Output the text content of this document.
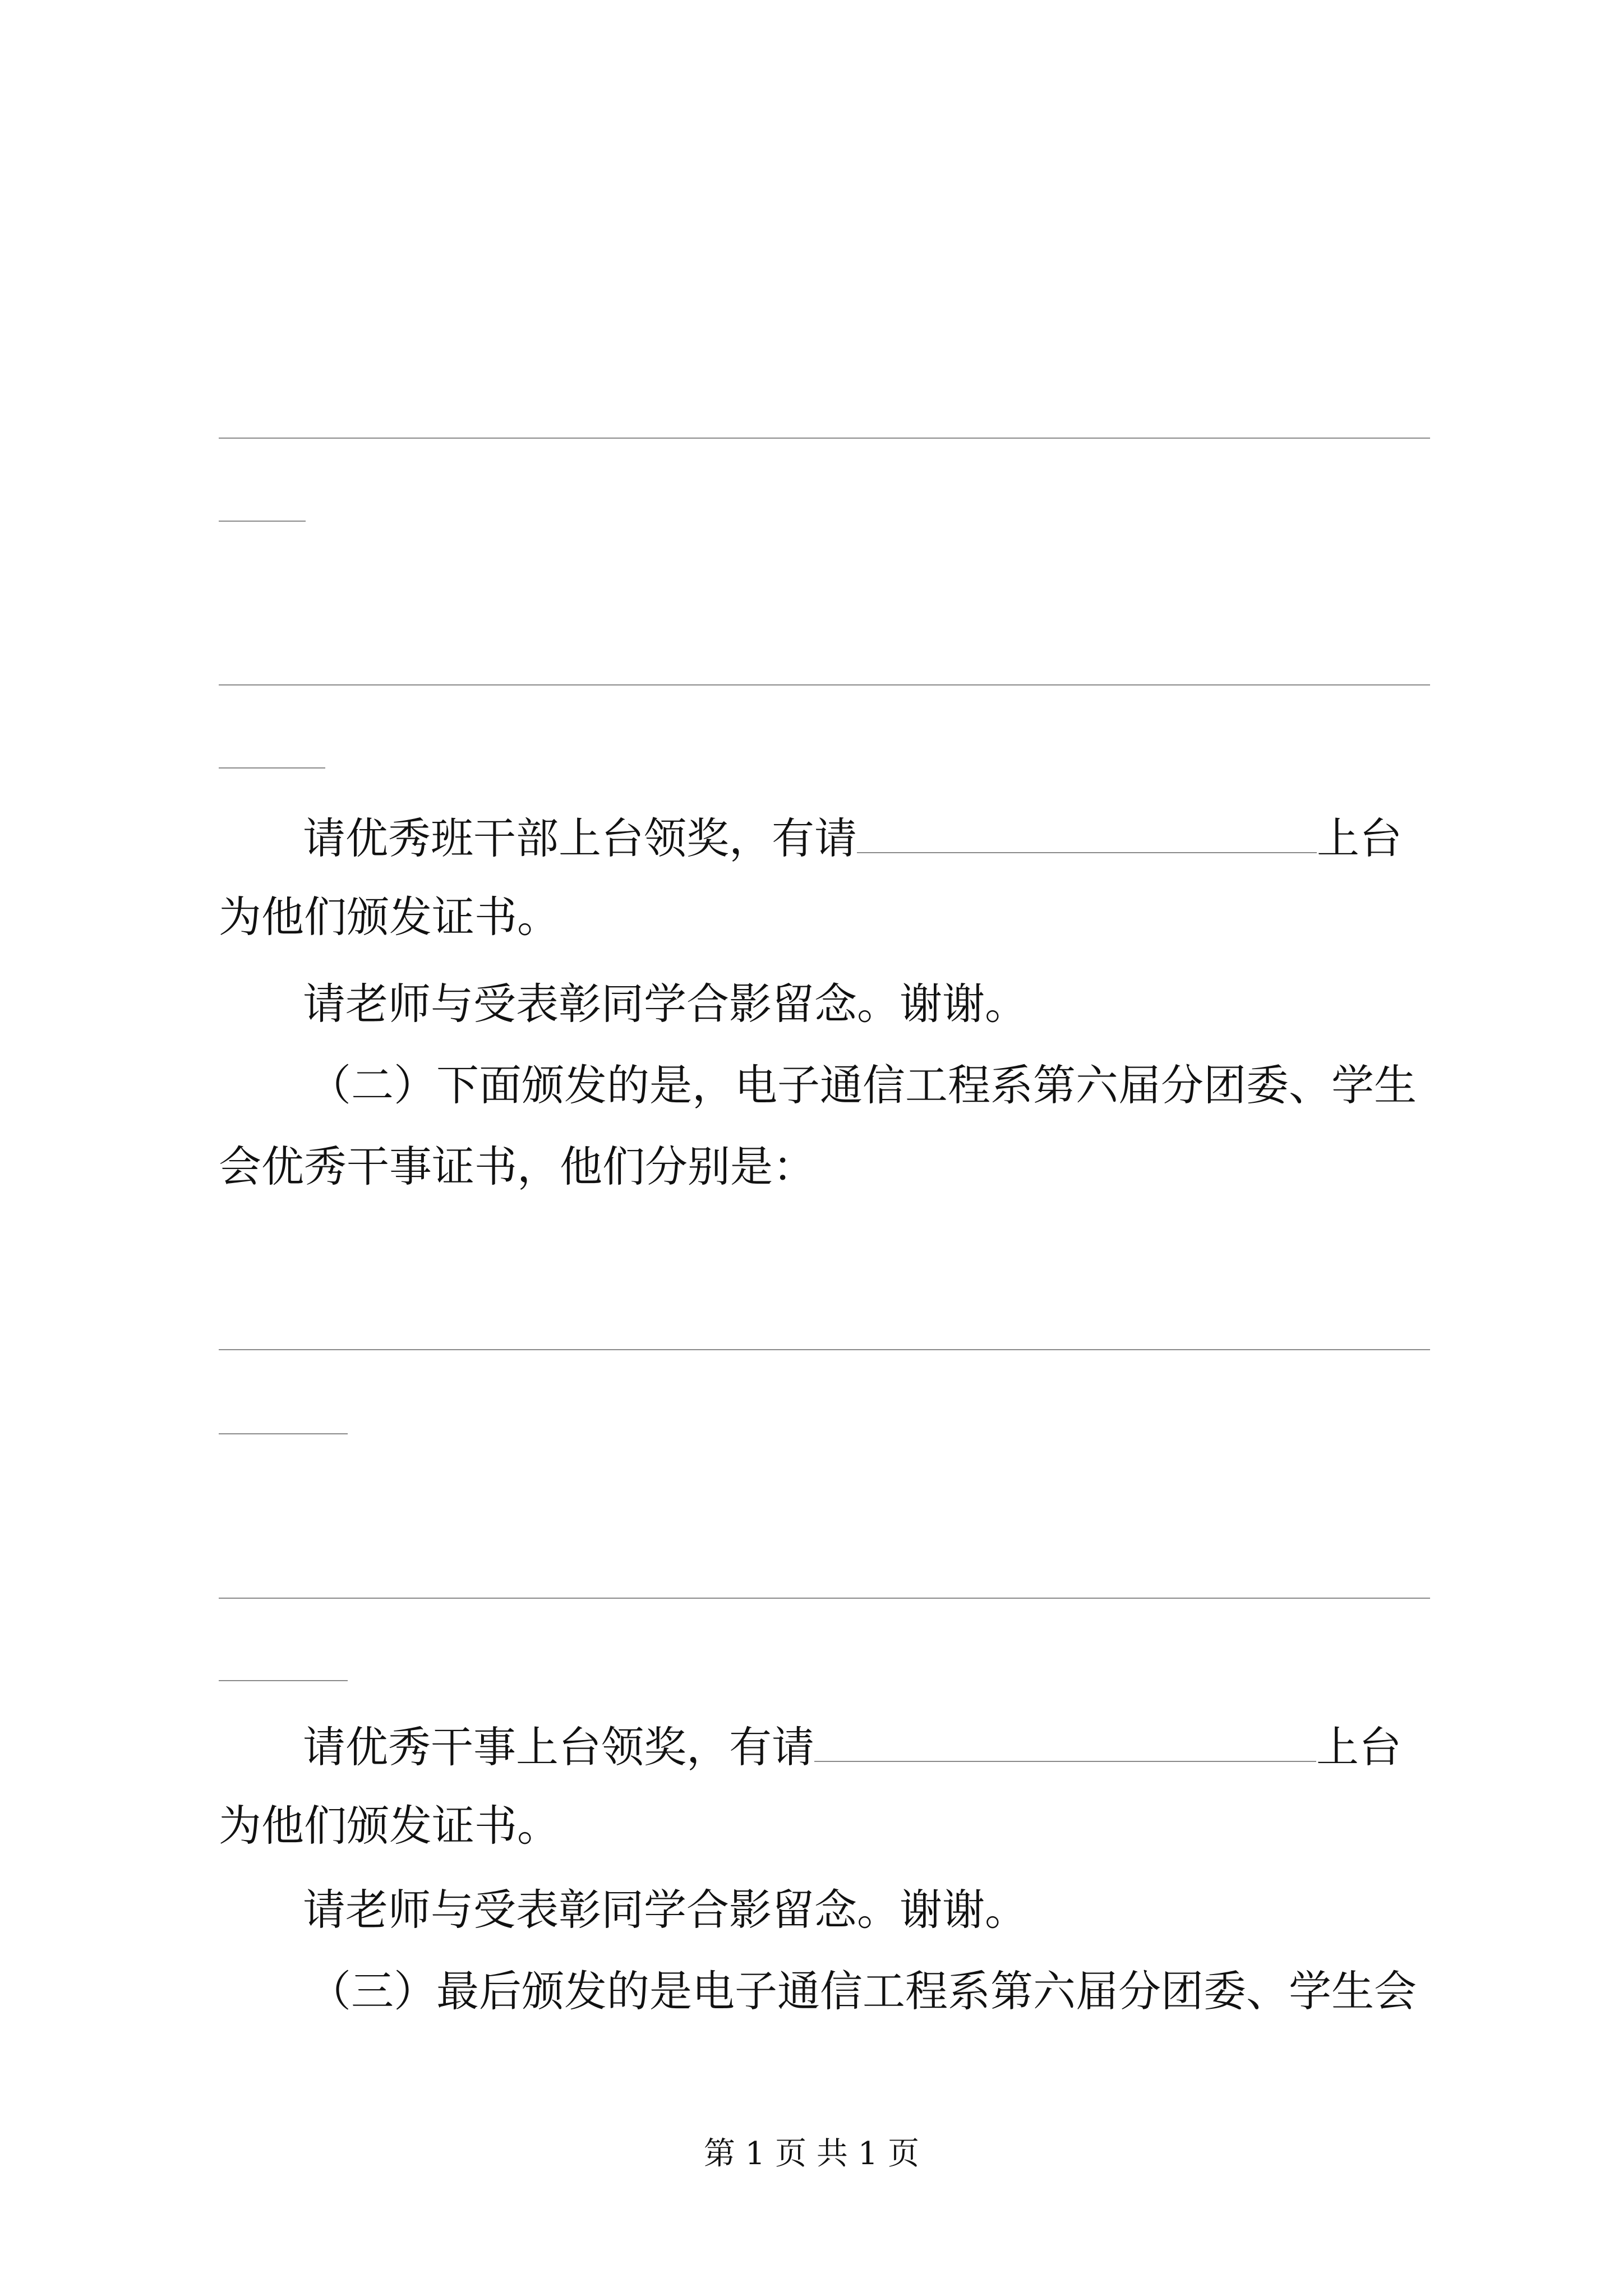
请优秀班干部上台领奖，有请	上台
为他们颁发证书。
请老师与受表彰同学合影留念。谢谢。
（二）下面颁发的是，电子通信工程系第六届分团委、学生
会优秀干事证书，他们分别是：
请优秀干事上台领奖，有请	上台
为他们颁发证书。
请老师与受表彰同学合影留念。谢谢。
（三）最后颁发的是电子通信工程系第六届分团委、学生会
第 1 页 共 1 页
